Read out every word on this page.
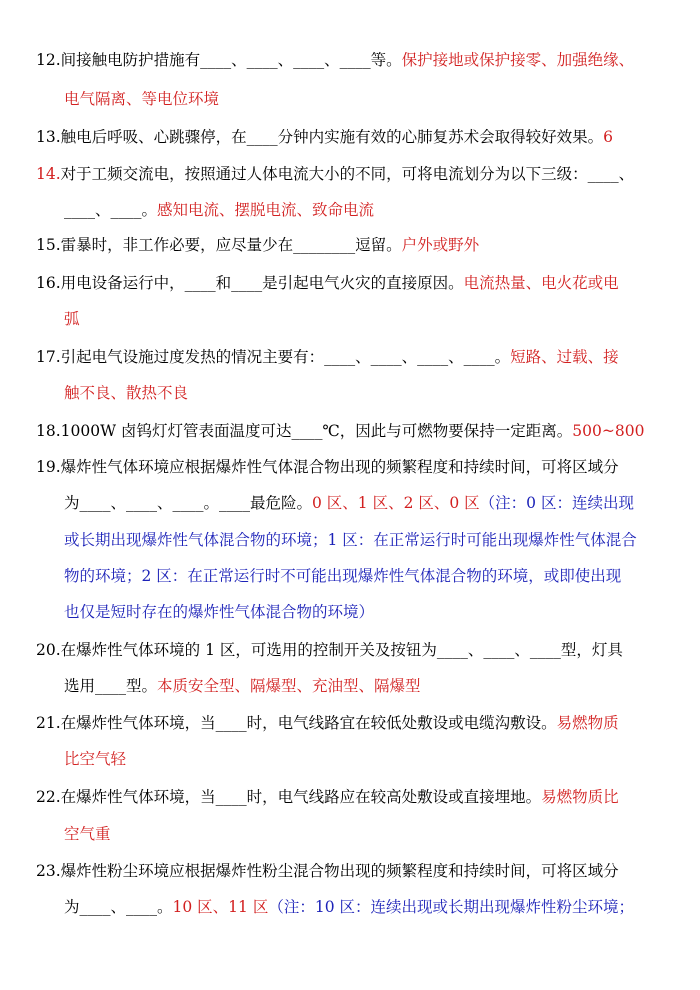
12.间接触电防护措施有____、____、____、____等。保护接地或保护接零、加强绝缘、
电气隔离、等电位环境
13.触电后呼吸、心跳骤停，在____分钟内实施有效的心肺复苏术会取得较好效果。6
14.对于工频交流电，按照通过人体电流大小的不同，可将电流划分为以下三级：____、
____、____。感知电流、摆脱电流、致命电流
15.雷暴时，非工作必要，应尽量少在________逗留。户外或野外
16.用电设备运行中，____和____是引起电气火灾的直接原因。电流热量、电火花或电
弧
17.引起电气设施过度发热的情况主要有：____、____、____、____。短路、过载、接
触不良、散热不良
18.1000W 卤钨灯灯管表面温度可达____℃，因此与可燃物要保持一定距离。500~800
19.爆炸性气体环境应根据爆炸性气体混合物出现的频繁程度和持续时间，可将区域分
为____、____、____。____最危险。0 区、1 区、2 区、0 区（注：0 区：连续出现
或长期出现爆炸性气体混合物的环境；1 区：在正常运行时可能出现爆炸性气体混合
物的环境；2 区：在正常运行时不可能出现爆炸性气体混合物的环境，或即使出现
也仅是短时存在的爆炸性气体混合物的环境）
20.在爆炸性气体环境的 1 区，可选用的控制开关及按钮为____、____、____型，灯具
选用____型。本质安全型、隔爆型、充油型、隔爆型
21.在爆炸性气体环境，当____时，电气线路宜在较低处敷设或电缆沟敷设。易燃物质
比空气轻
22.在爆炸性气体环境，当____时，电气线路应在较高处敷设或直接埋地。易燃物质比
空气重
23.爆炸性粉尘环境应根据爆炸性粉尘混合物出现的频繁程度和持续时间，可将区域分
为____、____。10 区、11 区（注：10 区：连续出现或长期出现爆炸性粉尘环境；
